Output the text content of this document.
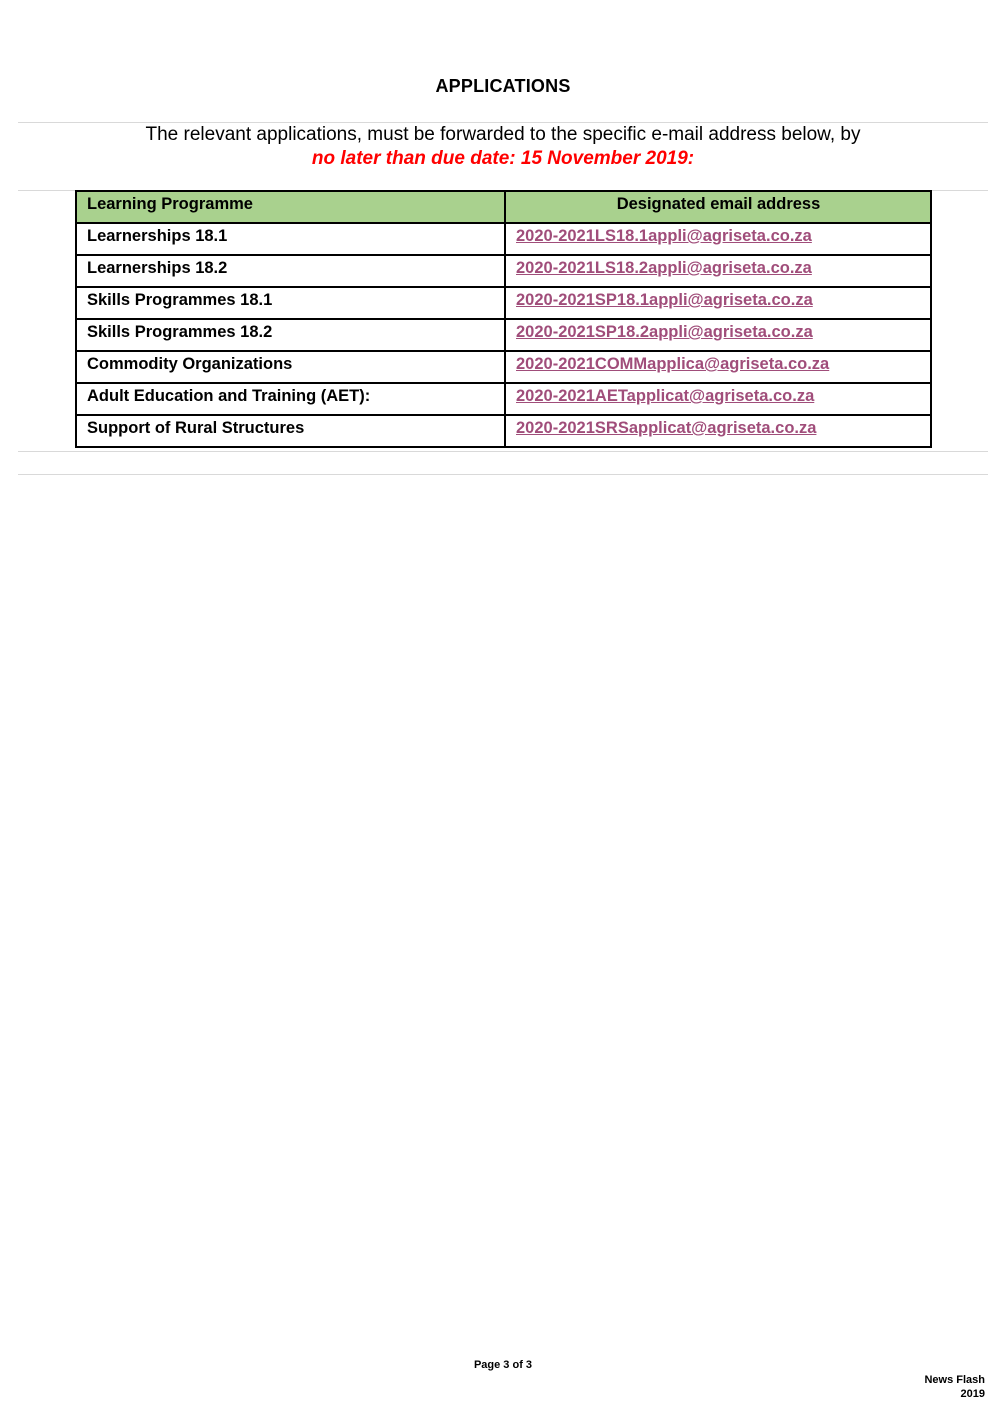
APPLICATIONS
The relevant applications, must be forwarded to the specific e-mail address below, by
no later than due date: 15 November 2019:
Learning Programme	Designated email address
Learnerships 18.1	2020-2021LS18.1appli@agriseta.co.za
Learnerships 18.2	2020-2021LS18.2appli@agriseta.co.za
Skills Programmes 18.1	2020-2021SP18.1appli@agriseta.co.za
Skills Programmes 18.2	2020-2021SP18.2appli@agriseta.co.za
Commodity Organizations	2020-2021COMMapplica@agriseta.co.za
Adult Education and Training (AET):	2020-2021AETapplicat@agriseta.co.za
Support of Rural Structures	2020-2021SRSapplicat@agriseta.co.za
Page 3 of 3
News Flash
2019
